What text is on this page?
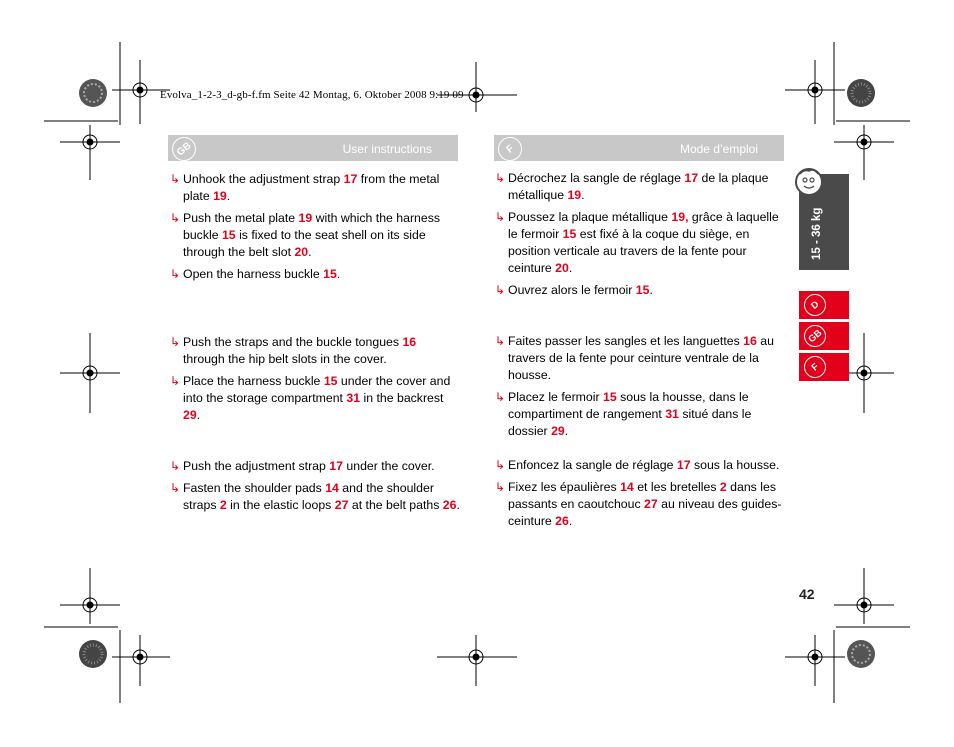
Evolva_1-2-3_d-gb-f.fm Seite 42 Montag, 6. Oktober 2008 9:19 09
GB	User instructions	F	Mode d’emploi
↳ Unhook the adjustment strap 17 from the metal plate 19.
↳ Push the metal plate 19 with which the harness buckle 15 is fixed to the seat shell on its side through the belt slot 20.
↳ Open the harness buckle 15.
↳ Push the straps and the buckle tongues 16 through the hip belt slots in the cover.
↳ Place the harness buckle 15 under the cover and into the storage compartment 31 in the backrest 29.
↳ Push the adjustment strap 17 under the cover.
↳ Fasten the shoulder pads 14 and the shoulder straps 2 in the elastic loops 27 at the belt paths 26.
↳ Décrochez la sangle de réglage 17 de la plaque métallique 19.
↳ Poussez la plaque métallique 19, grâce à laquelle le fermoir 15 est fixé à la coque du siège, en position verticale au travers de la fente pour ceinture 20.
↳ Ouvrez alors le fermoir 15.
↳ Faites passer les sangles et les languettes 16 au travers de la fente pour ceinture ventrale de la housse.
↳ Placez le fermoir 15 sous la housse, dans le compartiment de rangement 31 situé dans le dossier 29.
↳ Enfoncez la sangle de réglage 17 sous la housse.
↳ Fixez les épaulières 14 et les bretelles 2 dans les passants en caoutchouc 27 au niveau des guides-ceinture 26.
15 - 36 kg
D
GB
F
42
